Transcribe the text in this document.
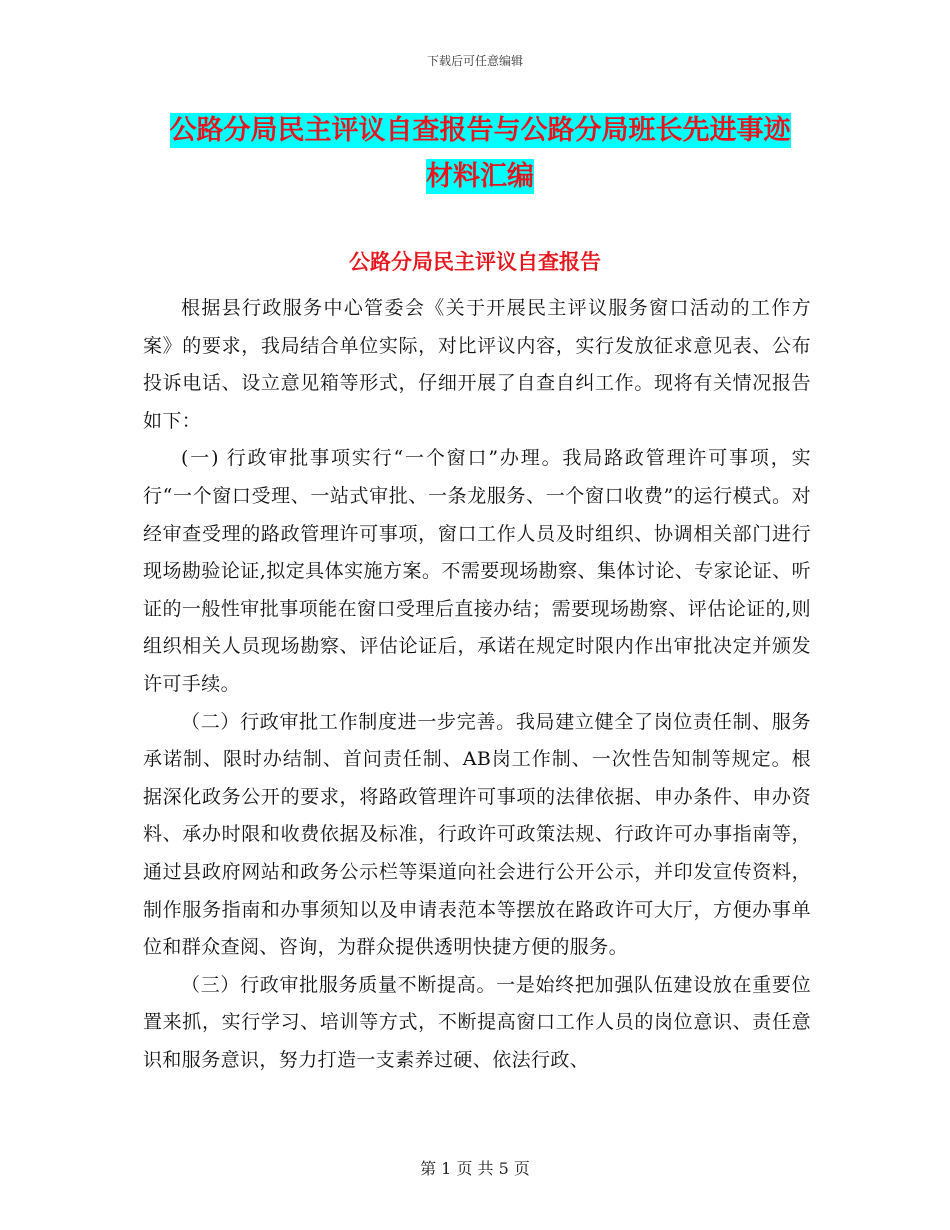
下载后可任意编辑
公路分局民主评议自查报告与公路分局班长先进事迹
材料汇编
公路分局民主评议自查报告

根据县行政服务中心管委会《关于开展民主评议服务窗口活动的工作方案》的要求，我局结合单位实际，对比评议内容，实行发放征求意见表、公布投诉电话、设立意见箱等形式，仔细开展了自查自纠工作。现将有关情况报告如下：

(一) 行政审批事项实行“一个窗口”办理。我局路政管理许可事项，实行“一个窗口受理、一站式审批、一条龙服务、一个窗口收费”的运行模式。对经审查受理的路政管理许可事项，窗口工作人员及时组织、协调相关部门进行现场勘验论证,拟定具体实施方案。不需要现场勘察、集体讨论、专家论证、听证的一般性审批事项能在窗口受理后直接办结；需要现场勘察、评估论证的,则组织相关人员现场勘察、评估论证后，承诺在规定时限内作出审批决定并颁发许可手续。

（二）行政审批工作制度进一步完善。我局建立健全了岗位责任制、服务承诺制、限时办结制、首问责任制、AB岗工作制、一次性告知制等规定。根据深化政务公开的要求，将路政管理许可事项的法律依据、申办条件、申办资料、承办时限和收费依据及标准，行政许可政策法规、行政许可办事指南等，通过县政府网站和政务公示栏等渠道向社会进行公开公示，并印发宣传资料，制作服务指南和办事须知以及申请表范本等摆放在路政许可大厅，方便办事单位和群众查阅、咨询，为群众提供透明快捷方便的服务。

（三）行政审批服务质量不断提高。一是始终把加强队伍建设放在重要位置来抓，实行学习、培训等方式，不断提高窗口工作人员的岗位意识、责任意识和服务意识，努力打造一支素养过硬、依法行政、

第 1 页 共 5 页
